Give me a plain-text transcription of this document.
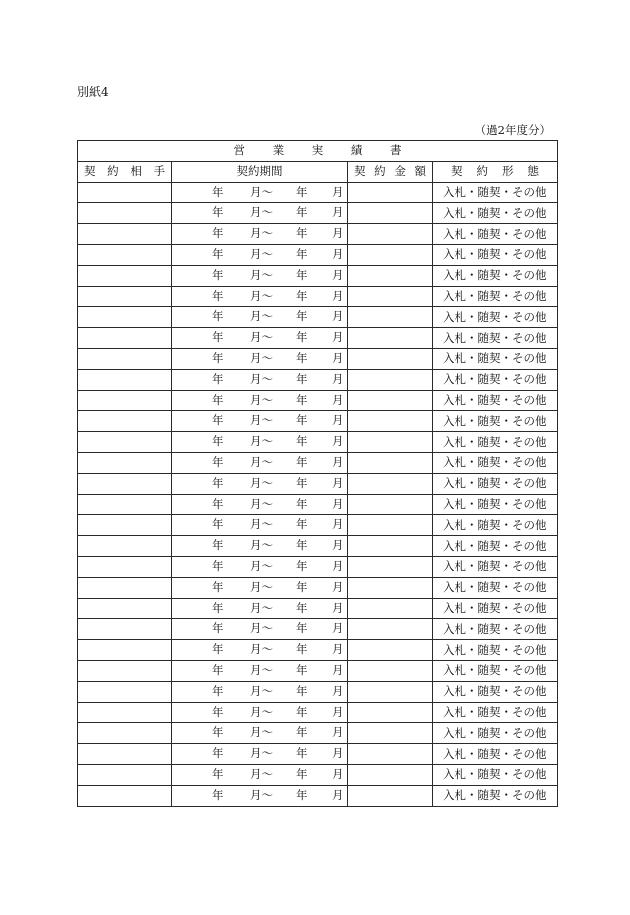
別紙4
（過2年度分）
営 業 実 績 書			

契 約 相 手	契約期間	契 約 金 額	契 約 形 態

	年 月〜 年 月		入札・随契・その他

	年 月〜 年 月		入札・随契・その他

	年 月〜 年 月		入札・随契・その他

	年 月〜 年 月		入札・随契・その他

	年 月〜 年 月		入札・随契・その他

	年 月〜 年 月		入札・随契・その他

	年 月〜 年 月		入札・随契・その他

	年 月〜 年 月		入札・随契・その他

	年 月〜 年 月		入札・随契・その他

	年 月〜 年 月		入札・随契・その他

	年 月〜 年 月		入札・随契・その他

	年 月〜 年 月		入札・随契・その他

	年 月〜 年 月		入札・随契・その他

	年 月〜 年 月		入札・随契・その他

	年 月〜 年 月		入札・随契・その他

	年 月〜 年 月		入札・随契・その他

	年 月〜 年 月		入札・随契・その他

	年 月〜 年 月		入札・随契・その他

	年 月〜 年 月		入札・随契・その他

	年 月〜 年 月		入札・随契・その他

	年 月〜 年 月		入札・随契・その他

	年 月〜 年 月		入札・随契・その他

	年 月〜 年 月		入札・随契・その他

	年 月〜 年 月		入札・随契・その他

	年 月〜 年 月		入札・随契・その他

	年 月〜 年 月		入札・随契・その他

	年 月〜 年 月		入札・随契・その他

	年 月〜 年 月		入札・随契・その他

	年 月〜 年 月		入札・随契・その他

	年 月〜 年 月		入札・随契・その他
